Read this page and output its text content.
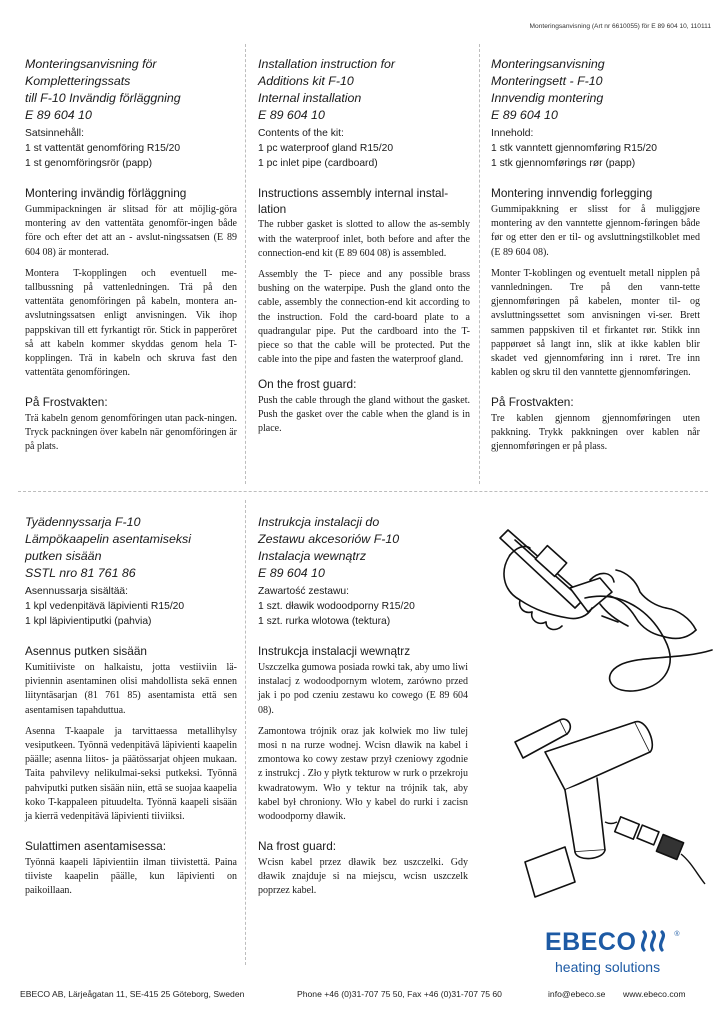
Monteringsanvisning (Art nr 6610055) för E 89 604 10, 110111
Monteringsanvisning för
Kompletteringssats
till F-10 Invändig förläggning
E 89 604 10
Satsinnehåll:
1 st vattentät genomföring R15/20
1 st genomföringsrör (papp)
Montering invändig förläggning

Gummipackningen är slitsad för att möjlig-göra montering av den vattentäta genomför-ingen både före och efter det att an - avslut-ningssatsen (E 89 604 08) är monterad.

Montera T-kopplingen och eventuell me-tallbussning på vattenledningen. Trä på den vattentäta genomföringen på kabeln, montera an-avslutningssatsen enligt anvisningen. Vik ihop pappskivan till ett fyrkantigt rör. Stick in papperöret så att kabeln kommer skyddas genom hela T-kopplingen. Trä in kabeln och skruva fast den vattentäta genomföringen.

På Frostvakten:

Trä kabeln genom genomföringen utan pack-ningen. Tryck packningen över kabeln när genomföringen är på plats.

Installation instruction for
Additions kit F-10
Internal installation
E 89 604 10
Contents of the kit:
1 pc waterproof gland R15/20
1 pc inlet pipe (cardboard)
Instructions assembly internal instal-lation

The rubber gasket is slotted to allow the as-sembly with the waterproof inlet, both before and after the connection-end kit (E 89 604 08) is assembled.

Assembly the T- piece and any possible brass bushing on the waterpipe. Push the gland onto the cable, assembly the connection-end kit according to the instruction. Fold the card-board plate to a quadrangular pipe. Put the cardboard into the T-piece so that the cable will be protected. Put the cable into the pipe and fasten the waterproof gland.

On the frost guard:

Push the cable through the gland without the gasket. Push the gasket over the cable when the gland is in place.

Monteringsanvisning
Monteringsett - F-10
Innvendig montering
E 89 604 10
Innehold:
1 stk vanntett gjennomføring R15/20
1 stk gjennomførings rør (papp)
Montering innvendig forlegging

Gummipakkning er slisst for å muliggjøre montering av den vanntette gjennom-føringen både før og etter den er til- og avsluttningstilkoblet med (E 89 604 08).

Monter T-koblingen og eventuelt metall nipplen på vannledningen. Tre på den vann-tette gjennomføringen på kabelen, monter til- og avsluttningssettet som anvisningen vi-ser. Brett sammen pappskiven til et firkantet rør. Stikk inn pappørøet så langt inn, slik at ikke kablen blir skadet ved gjennomføring inn i røret. Tre inn kablen og skru til den vanntette gjennomføringen.

På Frostvakten:

Tre kablen gjennom gjennomføringen uten pakkning. Trykk pakkningen over kablen når gjennomføringen er på plass.

Tyädennyssarja F-10
Lämpökaapelin asentamiseksi
putken sisään
SSTL nro 81 761 86
Asennussarja sisältää:
1 kpl vedenpitävä läpivienti R15/20
1 kpl läpivientiputki (pahvia)
Asennus putken sisään

Kumitiiviste on halkaistu, jotta vestiiviin lä-piviennin asentaminen olisi mahdollista sekä ennen liityntäsarjan (81 761 85) asentamista että sen asentamisen tapahduttua.

Asenna T-kaapale ja tarvittaessa metallihylsy vesiputkeen. Työnnä vedenpitävä läpivienti kaapelin päälle; asenna liitos- ja päätössarjat ohjeen mukaan. Taita pahvilevy nelikulmai-seksi putkeksi. Työnnä pahviputki putken sisään niin, että se suojaa kaapelia koko T-kappaleen pituudelta. Työnnä kaapeli sisään ja kierrä vedenpitävä läpivienti tiiviiksi.

Sulattimen asentamisessa:

Työnnä kaapeli läpivientiin ilman tiivistettä. Paina tiiviste kaapelin päälle, kun läpivienti on paikoillaan.

Instrukcja instalacji do
Zestawu akcesoriów F-10
Instalacja wewnątrz
E 89 604 10
Zawartość zestawu:
1 szt. dławik wodoodporny R15/20
1 szt. rurka wlotowa (tektura)
Instrukcja instalacji wewnątrz

Uszczelka gumowa posiada rowki tak, aby umo liwi instalacj z wodoodpornym wlotem, zarówno przed jak i po pod czeniu zestawu ko cowego (E 89 604 08).

Zamontowa trójnik oraz jak kolwiek mo liw tulej mosi n na rurze wodnej. Wcisn dławik na kabel i zmontowa ko cowy zestaw przył czeniowy zgodnie z instrukcj . Zło y płytk tekturow w rurk o przekroju kwadratowym. Wło y tektur na trójnik tak, aby kabel był chroniony. Wło y kabel do rurki i zacisn wodoodporny dławik.

Na frost guard:

Wcisn kabel przez dławik bez uszczelki. Gdy dławik znajduje si na miejscu, wcisn uszczelk poprzez kabel.

EBECO	®
heating solutions
EBECO AB, Lärjeågatan 11, SE-415 25 Göteborg, Sweden	Phone +46 (0)31-707 75 50, Fax +46 (0)31-707 75 60	info@ebeco.se www.ebeco.com
